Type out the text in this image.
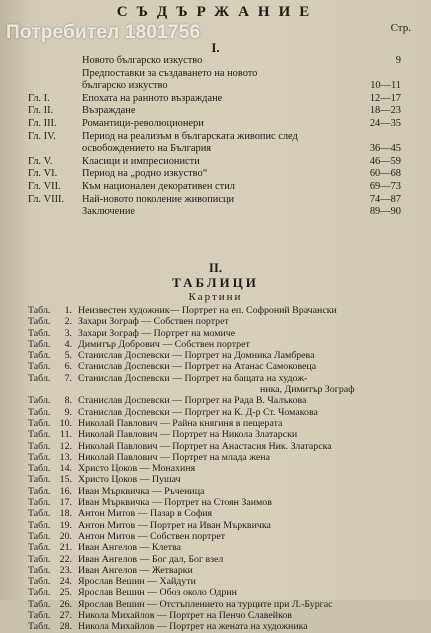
СЪДЪРЖАНИЕ
Стр.
I.
Новото българско изкуство	9
Предпоставки за създаването на новото
българско изкуство	10—11
Гл. I.	Епохата на ранното възраждане	12—17
Гл. II.	Възраждане	18—23
Гл. III. Романтици-революционери	24—35
Гл. IV.	Период на реализъм в българската живопис след
освобождението на България	36—45
Гл. V.	Класици и импресионисти	46—59
Гл. VI. Период на „родно изкуство“	60—68
Гл. VII. Към национален декоративен стил	69—73
Гл. VIII. Най-новото поколение живописци	74—87
Заключение	89—90
II.
ТАБЛИЦИ
Картини
Табл.	1. Неизвестен художник— Портрет на еп. Софроний Врачански
Табл.	2. Захари Зограф — Собствен портрет
Табл.	3. Захари Зограф — Портрет на момиче
Табл.	4. Димитър Добрович — Собствен портрет
Табл.	5. Станислав Доспевски — Портрет на Домника Ламбрева
Табл.	6. Станислав Доспевски — Портрет на Атанас Самоковеца
Табл.	7. Станислав Доспевски — Портрет на бащата на худож-
ника, Димитър Зограф
Табл.	8. Станислав Доспевски — Портрет на Рада В. Чалъкова
Табл.	9. Станислав Доспевски — Портрет на К. Д-р Ст. Чомакова
Табл. 10. Николай Павлович — Райна княгиня в пещерата
Табл. 11. Николай Павлович — Портрет на Никола Златарски
Табл. 12. Николай Павлович — Портрет на Анастасия Ник. Златарска
Табл. 13. Николай Павлович — Портрет на млада жена
Табл. 14. Христо Цоков — Монахиня
Табл. 15. Христо Цоков — Пушач
Табл. 16. Иван Мърквичка — Ръченица
Табл. 17. Иван Мърквичка — Портрет на Стоян Заимов
Табл. 18. Антон Митов — Пазар в София
Табл. 19. Антон Митов — Портрет на Иван Мърквичка
Табл. 20. Антон Митов — Собствен портрет
Табл. 21. Иван Ангелов — Клетва
Табл. 22. Иван Ангелов — Бог дал, Бог взел
Табл. 23. Иван Ангелов — Жетварки
Табл. 24. Ярослав Вешин — Хайдути
Табл. 25. Ярослав Вешин — Обоз около Одрин
Табл. 26. Ярослав Вешин — Отстъплението на турците при Л.-Бургас
Табл. 27. Никола Михайлов — Портрет на Пенчо Славейков
Табл. 28. Никола Михайлов — Портрет на жената на художника
Потребител 1801756
